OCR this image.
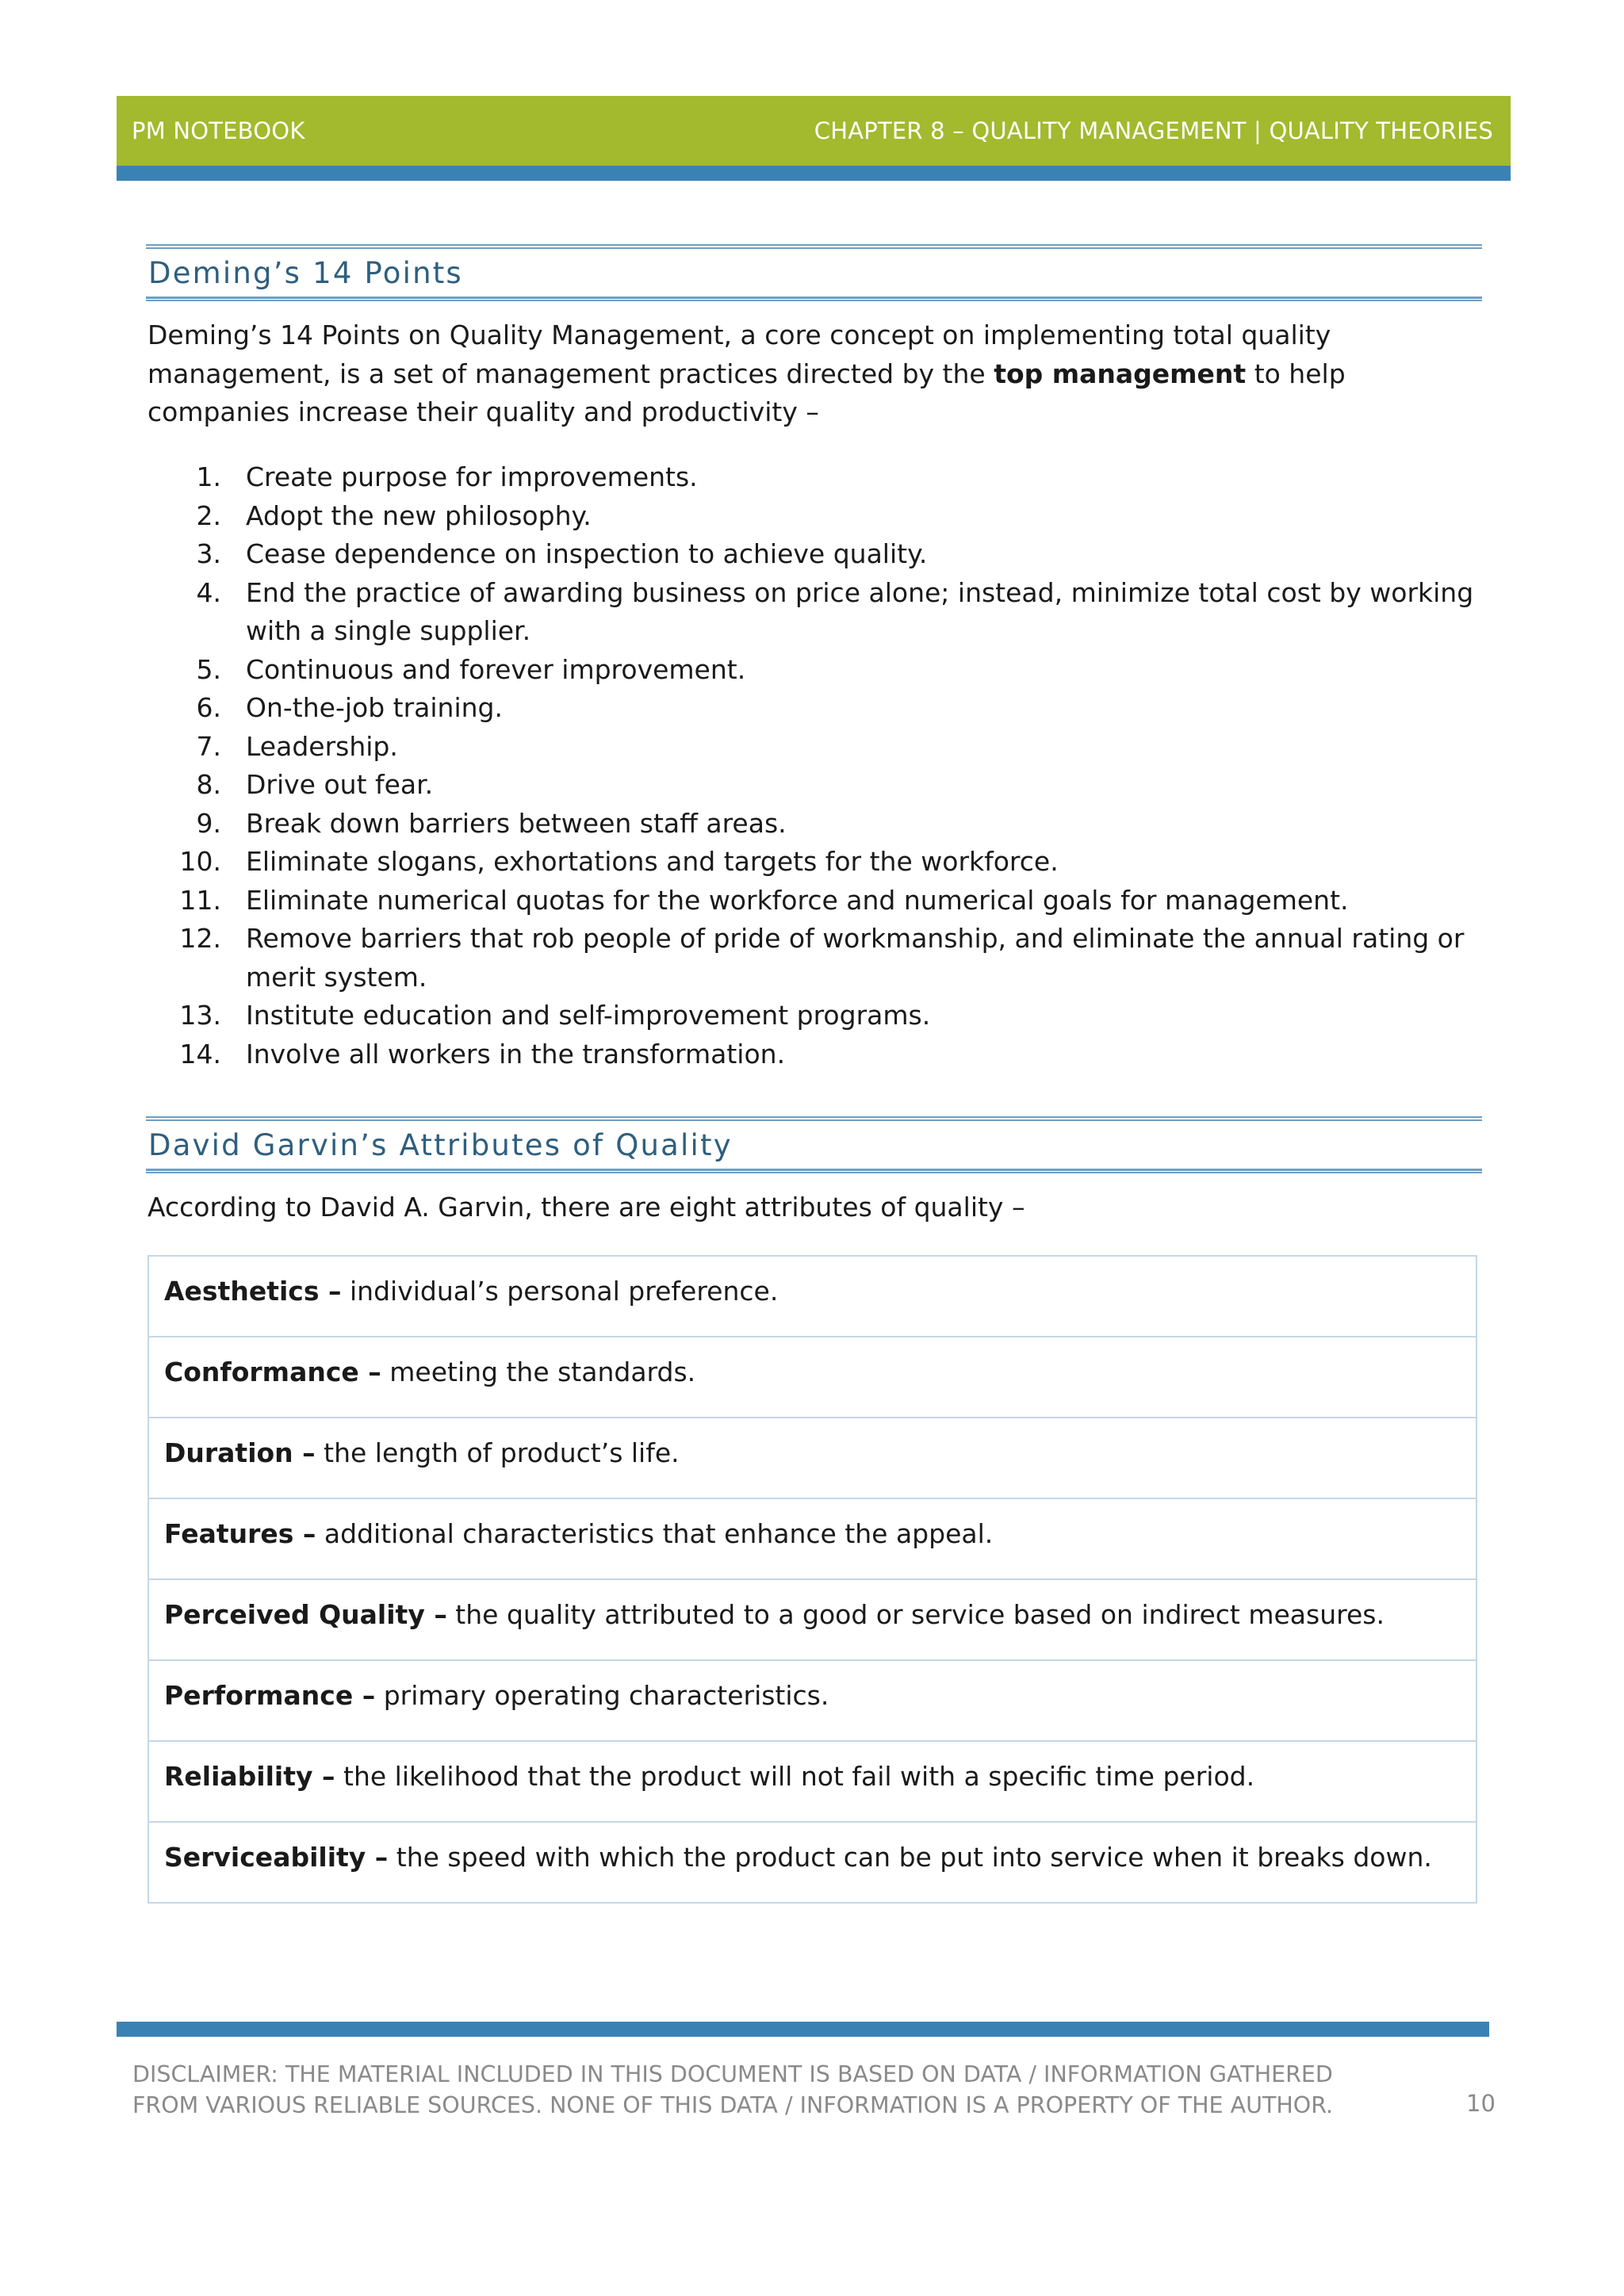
PM NOTEBOOK	CHAPTER 8 – QUALITY MANAGEMENT | QUALITY THEORIES
Deming’s 14 Points
Deming’s 14 Points on Quality Management, a core concept on implementing total quality management, is a set of management practices directed by the top management to help companies increase their quality and productivity –
1. Create purpose for improvements.
2. Adopt the new philosophy.
3. Cease dependence on inspection to achieve quality.
4. End the practice of awarding business on price alone; instead, minimize total cost by working with a single supplier.
5. Continuous and forever improvement.
6. On-the-job training.
7. Leadership.
8. Drive out fear.
9. Break down barriers between staff areas.
10. Eliminate slogans, exhortations and targets for the workforce.
11. Eliminate numerical quotas for the workforce and numerical goals for management.
12. Remove barriers that rob people of pride of workmanship, and eliminate the annual rating or merit system.
13. Institute education and self-improvement programs.
14. Involve all workers in the transformation.
David Garvin’s Attributes of Quality
According to David A. Garvin, there are eight attributes of quality –
Aesthetics – individual’s personal preference.
Conformance – meeting the standards.
Duration – the length of product’s life.
Features – additional characteristics that enhance the appeal.
Perceived Quality – the quality attributed to a good or service based on indirect measures.
Performance – primary operating characteristics.
Reliability – the likelihood that the product will not fail with a specific time period.
Serviceability – the speed with which the product can be put into service when it breaks down.
DISCLAIMER: THE MATERIAL INCLUDED IN THIS DOCUMENT IS BASED ON DATA / INFORMATION GATHERED FROM VARIOUS RELIABLE SOURCES. NONE OF THIS DATA / INFORMATION IS A PROPERTY OF THE AUTHOR.	10
